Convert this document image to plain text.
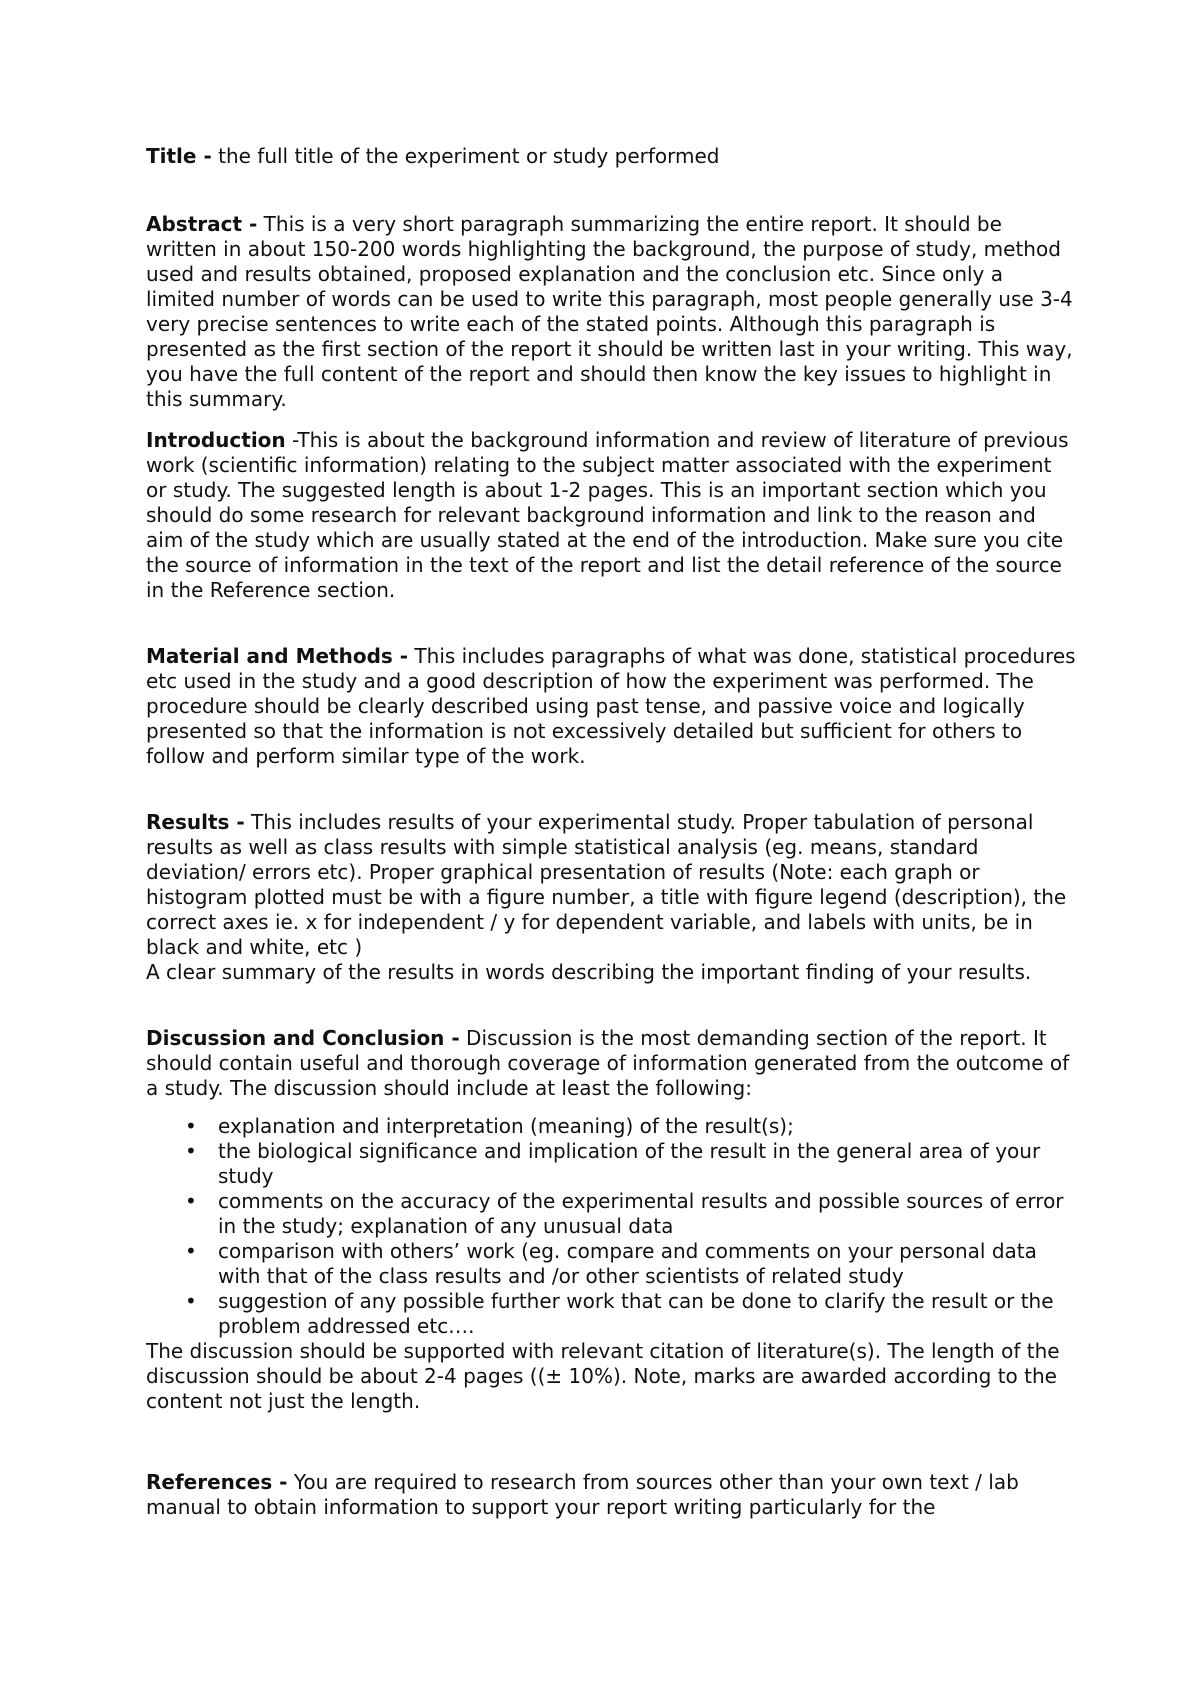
Title - the full title of the experiment or study performed

Abstract - This is a very short paragraph summarizing the entire report. It should be written in about 150-200 words highlighting the background, the purpose of study, method used and results obtained, proposed explanation and the conclusion etc. Since only a limited number of words can be used to write this paragraph, most people generally use 3-4 very precise sentences to write each of the stated points. Although this paragraph is presented as the first section of the report it should be written last in your writing. This way, you have the full content of the report and should then know the key issues to highlight in this summary.

Introduction -This is about the background information and review of literature of previous work (scientific information) relating to the subject matter associated with the experiment or study. The suggested length is about 1-2 pages. This is an important section which you should do some research for relevant background information and link to the reason and aim of the study which are usually stated at the end of the introduction. Make sure you cite the source of information in the text of the report and list the detail reference of the source in the Reference section.

Material and Methods - This includes paragraphs of what was done, statistical procedures etc used in the study and a good description of how the experiment was performed. The procedure should be clearly described using past tense, and passive voice and logically presented so that the information is not excessively detailed but sufficient for others to follow and perform similar type of the work.

Results - This includes results of your experimental study. Proper tabulation of personal results as well as class results with simple statistical analysis (eg. means, standard deviation/ errors etc). Proper graphical presentation of results (Note: each graph or histogram plotted must be with a figure number, a title with figure legend (description), the correct axes ie. x for independent / y for dependent variable, and labels with units, be in black and white, etc )

A clear summary of the results in words describing the important finding of your results.

Discussion and Conclusion - Discussion is the most demanding section of the report. It should contain useful and thorough coverage of information generated from the outcome of a study. The discussion should include at least the following:

• explanation and interpretation (meaning) of the result(s);
• the biological significance and implication of the result in the general area of your study
• comments on the accuracy of the experimental results and possible sources of error in the study; explanation of any unusual data
• comparison with others’ work (eg. compare and comments on your personal data with that of the class results and /or other scientists of related study
• suggestion of any possible further work that can be done to clarify the result or the problem addressed etc….

The discussion should be supported with relevant citation of literature(s). The length of the discussion should be about 2-4 pages ((± 10%). Note, marks are awarded according to the content not just the length.

References - You are required to research from sources other than your own text / lab manual to obtain information to support your report writing particularly for the
